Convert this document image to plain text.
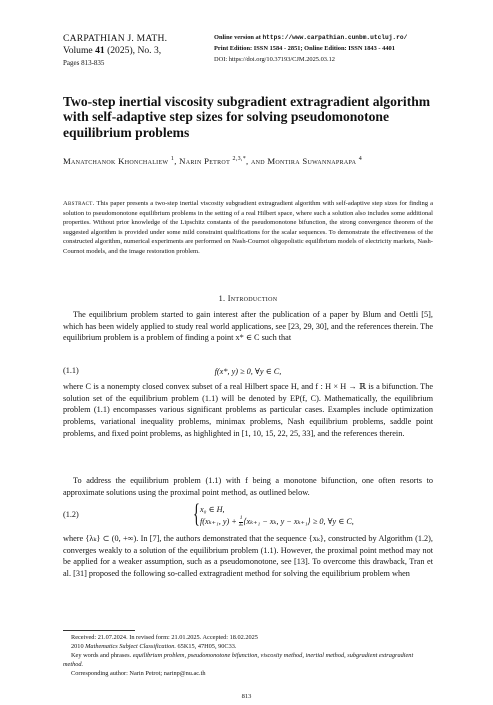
CARPATHIAN J. MATH.
Volume 41 (2025), No. 3,
Pages 813-835
Online version at https://www.carpathian.cunbm.utcluj.ro/
Print Edition: ISSN 1584 - 2851; Online Edition: ISSN 1843 - 4401
DOI: https://doi.org/10.37193/CJM.2025.03.12
Two-step inertial viscosity subgradient extragradient algorithm with self-adaptive step sizes for solving pseudomonotone equilibrium problems
Manatchanok Khonchaliew $^1$, Narin Petrot $^{2,3,*}$, and Montira Suwannaprapa $^4$
Abstract. This paper presents a two-step inertial viscosity subgradient extragradient algorithm with self-adaptive step sizes for finding a solution to pseudomonotone equilibrium problems in the setting of a real Hilbert space, where such a solution also includes some additional properties. Without prior knowledge of the Lipschitz constants of the pseudomonotone bifunction, the strong convergence theorem of the suggested algorithm is provided under some mild constraint qualifications for the scalar sequences. To demonstrate the effectiveness of the constructed algorithm, numerical experiments are performed on Nash-Cournot oligopolistic equilibrium models of electricity markets, Nash-Cournot models, and the image restoration problem.
1. Introduction

The equilibrium problem started to gain interest after the publication of a paper by Blum and Oettli [5], which has been widely applied to study real world applications, see [23, 29, 30], and the references therein. The equilibrium problem is a problem of finding a point x* ∈ C such that

(1.1)	f(x*, y) ≥ 0, ∀y ∈ C,

where C is a nonempty closed convex subset of a real Hilbert space H, and f : H × H → ℝ is a bifunction. The solution set of the equilibrium problem (1.1) will be denoted by EP(f, C). Mathematically, the equilibrium problem (1.1) encompasses various significant problems as particular cases. Examples include optimization problems, variational inequality problems, minimax problems, Nash equilibrium problems, saddle point problems, and fixed point problems, as highlighted in [1, 10, 15, 22, 25, 33], and the references therein.

To address the equilibrium problem (1.1) with f being a monotone bifunction, one often resorts to approximate solutions using the proximal point method, as outlined below.

(1.2)	{ x₀ ∈ H,
f(xₖ₊₁, $y) + \frac{1}{\text{λₖ}}$ ⟨xₖ₊₁ − xₖ, y − xₖ₊₁⟩ ≥ 0, ∀y ∈ C,

where {λₖ} ⊂ (0, +∞). In [7], the authors demonstrated that the sequence {xₖ}, constructed by Algorithm (1.2), converges weakly to a solution of the equilibrium problem (1.1). However, the proximal point method may not be applied for a weaker assumption, such as a pseudomonotone, see [13]. To overcome this drawback, Tran et al. [31] proposed the following so-called extragradient method for solving the equilibrium problem when

Received: 21.07.2024. In revised form: 21.01.2025. Accepted: 18.02.2025

2010 Mathematics Subject Classification. 65K15, 47H05, 90C33.

Key words and phrases. equilibrium problem, pseudomonotone bifunction, viscosity method, inertial method, subgradient extragradient method.

Corresponding author: Narin Petrot; narinp@nu.ac.th

813
